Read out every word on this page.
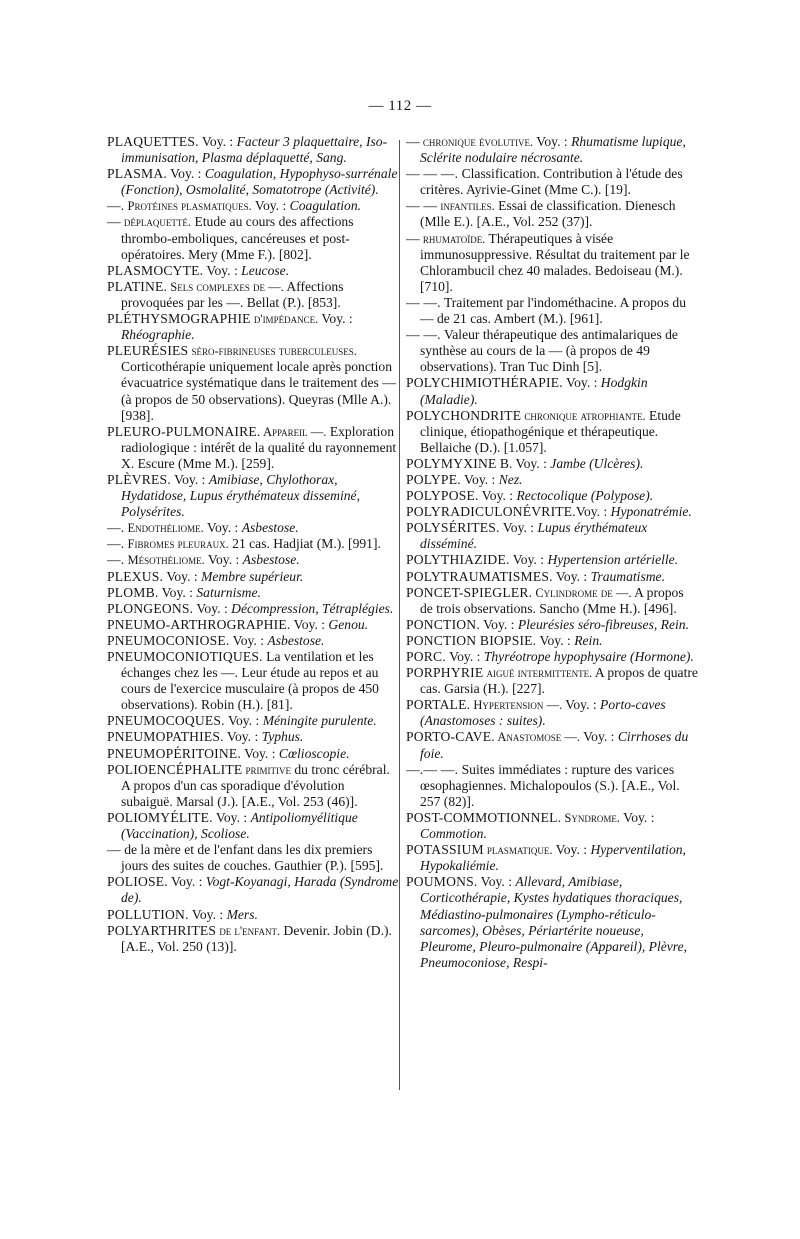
— 112 —

PLAQUETTES. Voy. : Facteur 3 plaquettaire, Iso-immunisation, Plasma déplaquetté, Sang.

PLASMA. Voy. : Coagulation, Hypophyso-surrénale (Fonction), Osmolalité, Somatotrope (Activité).

—. Protéines plasmatiques. Voy. : Coagulation.

— déplaquetté. Etude au cours des affections thrombo-emboliques, cancéreuses et post-opératoires. Mery (Mme F.). [802].

PLASMOCYTE. Voy. : Leucose.

PLATINE. Sels complexes de —. Affections provoquées par les —. Bellat (P.). [853].

PLÉTHYSMOGRAPHIE d'impédance. Voy. : Rhéographie.

PLEURÉSIES séro-fibrineuses tuberculeuses. Corticothérapie uniquement locale après ponction évacuatrice systématique dans le traitement des — (à propos de 50 observations). Queyras (Mlle A.). [938].

PLEURO-PULMONAIRE. Appareil —. Exploration radiologique : intérêt de la qualité du rayonnement X. Escure (Mme M.). [259].

PLÈVRES. Voy. : Amibiase, Chylothorax, Hydatidose, Lupus érythémateux disseminé, Polysérites.

—. Endothéliome. Voy. : Asbestose.

—. Fibromes pleuraux. 21 cas. Hadjiat (M.). [991].

—. Mésothéliome. Voy. : Asbestose.

PLEXUS. Voy. : Membre supérieur.

PLOMB. Voy. : Saturnisme.

PLONGEONS. Voy. : Décompression, Tétraplégies.

PNEUMO-ARTHROGRAPHIE. Voy. : Genou.

PNEUMOCONIOSE. Voy. : Asbestose.

PNEUMOCONIOTIQUES. La ventilation et les échanges chez les —. Leur étude au repos et au cours de l'exercice musculaire (à propos de 450 observations). Robin (H.). [81].

PNEUMOCOQUES. Voy. : Méningite purulente.

PNEUMOPATHIES. Voy. : Typhus.

PNEUMOPÉRITOINE. Voy. : Cœlioscopie.

POLIOENCÉPHALITE primitive du tronc cérébral. A propos d'un cas sporadique d'évolution subaiguë. Marsal (J.). [A.E., Vol. 253 (46)].

POLIOMYÉLITE. Voy. : Antipoliomyélitique (Vaccination), Scoliose.

— de la mère et de l'enfant dans les dix premiers jours des suites de couches. Gauthier (P.). [595].

POLIOSE. Voy. : Vogt-Koyanagi, Harada (Syndrome de).

POLLUTION. Voy. : Mers.

POLYARTHRITES de l'enfant. Devenir. Jobin (D.). [A.E., Vol. 250 (13)].

— chronique évolutive. Voy. : Rhumatisme lupique, Sclérite nodulaire nécrosante.

— — —. Classification. Contribution à l'étude des critères. Ayrivie-Ginet (Mme C.). [19].

— — infantiles. Essai de classification. Dienesch (Mlle E.). [A.E., Vol. 252 (37)].

— rhumatoïde. Thérapeutiques à visée immunosuppressive. Résultat du traitement par le Chlorambucil chez 40 malades. Bedoiseau (M.). [710].

— —. Traitement par l'indométhacine. A propos du — de 21 cas. Ambert (M.). [961].

— —. Valeur thérapeutique des antimalariques de synthèse au cours de la — (à propos de 49 observations). Tran Tuc Dinh [5].

POLYCHIMIOTHÉRAPIE. Voy. : Hodgkin (Maladie).

POLYCHONDRITE chronique atrophiante. Etude clinique, étiopathogénique et thérapeutique. Bellaiche (D.). [1.057].

POLYMYXINE B. Voy. : Jambe (Ulcères).

POLYPE. Voy. : Nez.

POLYPOSE. Voy. : Rectocolique (Polypose).

POLYRADICULONÉVRITE.Voy. : Hyponatrémie.

POLYSÉRITES. Voy. : Lupus érythémateux disséminé.

POLYTHIAZIDE. Voy. : Hypertension artérielle.

POLYTRAUMATISMES. Voy. : Traumatisme.

PONCET-SPIEGLER. Cylindrome de —. A propos de trois observations. Sancho (Mme H.). [496].

PONCTION. Voy. : Pleurésies séro-fibreuses, Rein.

PONCTION BIOPSIE. Voy. : Rein.

PORC. Voy. : Thyréotrope hypophysaire (Hormone).

PORPHYRIE aiguë intermittente. A propos de quatre cas. Garsia (H.). [227].

PORTALE. Hypertension —. Voy. : Porto-caves (Anastomoses : suites).

PORTO-CAVE. Anastomose —. Voy. : Cirrhoses du foie.

—.— —. Suites immédiates : rupture des varices œsophagiennes. Michalopoulos (S.). [A.E., Vol. 257 (82)].

POST-COMMOTIONNEL. Syndrome. Voy. : Commotion.

POTASSIUM plasmatique. Voy. : Hyperventilation, Hypokaliémie.

POUMONS. Voy. : Allevard, Amibiase, Corticothérapie, Kystes hydatiques thoraciques, Médiastino-pulmonaires (Lympho-réticulo-sarcomes), Obèses, Périartérite noueuse, Pleurome, Pleuro-pulmonaire (Appareil), Plèvre, Pneumoconiose, Respi-
